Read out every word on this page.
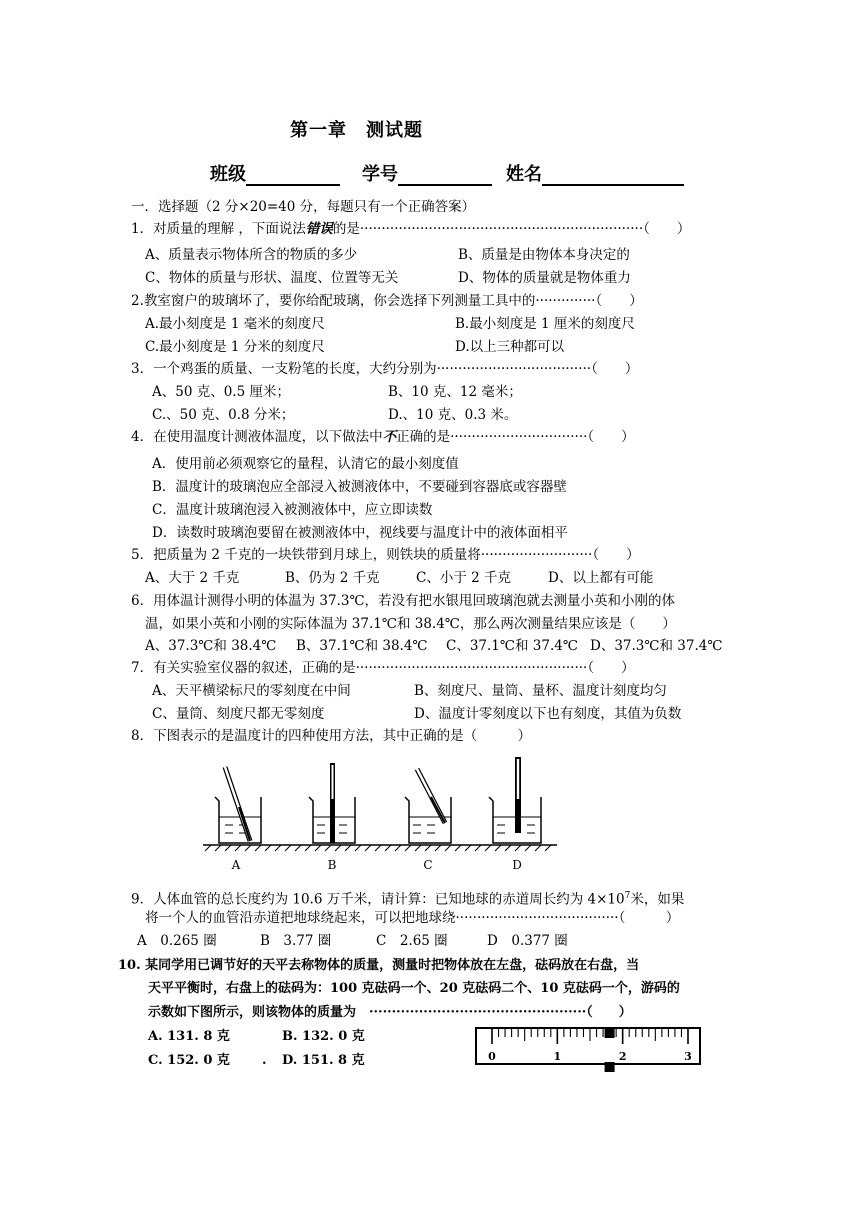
第一章　测试题
班级	学号	姓名
一．选择题（2 分×20=40 分，每题只有一个正确答案）
1．对质量的理解 ，下面说法错误的是··································································（　　）
A、质量表示物体所含的物质的多少	B、质量是由物体本身决定的
C、物体的质量与形状、温度、位置等无关	D、物体的质量就是物体重力
2.教室窗户的玻璃坏了，要你给配玻璃，你会选择下列测量工具中的··············（　　）
A.最小刻度是 1 毫米的刻度尺	B.最小刻度是 1 厘米的刻度尺
C.最小刻度是 1 分米的刻度尺	D.以上三种都可以
3．一个鸡蛋的质量、一支粉笔的长度，大约分别为····································（　　）
A、50 克、0.5 厘米；	B、10 克、12 毫米；
C.、50 克、0.8 分米；	D.、10 克、0.3 米。
4．在使用温度计测液体温度，以下做法中不正确的是································（　　）
A．使用前必须观察它的量程，认清它的最小刻度值
B．温度计的玻璃泡应全部浸入被测液体中，不要碰到容器底或容器壁
C．温度计玻璃泡浸入被测液体中，应立即读数
D．读数时玻璃泡要留在被测液体中，视线要与温度计中的液体面相平
5．把质量为 2 千克的一块铁带到月球上，则铁块的质量将··························（　　）
A、大于 2 千克	B、仍为 2 千克	C、小于 2 千克	D、以上都有可能
6．用体温计测得小明的体温为 37.3℃，若没有把水银甩回玻璃泡就去测量小英和小刚的体
温，如果小英和小刚的实际体温为 37.1℃和 38.4℃，那么两次测量结果应该是（　　）
A、37.3℃和 38.4℃ B、37.1℃和 38.4℃ C、37.1℃和 37.4℃ D、37.3℃和 37.4℃
7．有关实验室仪器的叙述，正确的是······················································（　　）
A、天平横梁标尺的零刻度在中间	B、刻度尺、量筒、量杯、温度计刻度均匀
C、量筒、刻度尺都无零刻度	D、温度计零刻度以下也有刻度，其值为负数
8．下图表示的是温度计的四种使用方法，其中正确的是（　　　）
A	B	C	D
9．人体血管的总长度约为 10.6 万千米，请计算：已知地球的赤道周长约为 $4\times 10^7$米，如果
将一个人的血管沿赤道把地球绕起来，可以把地球绕······································（　　　）
A　0.265 圈	B　3.77 圈	C　2.65 圈	D　0.377 圈
10. 某同学用已调节好的天平去称物体的质量，测量时把物体放在左盘，砝码放在右盘，当
天平平衡时，右盘上的砝码为：100 克砝码一个、20 克砝码二个、10 克砝码一个，游码的
示数如下图所示，则该物体的质量为　················································（　　）
A. 131. 8 克	B. 132. 0 克
C. 152. 0 克 . D. 151. 8 克	0	1	2	3
